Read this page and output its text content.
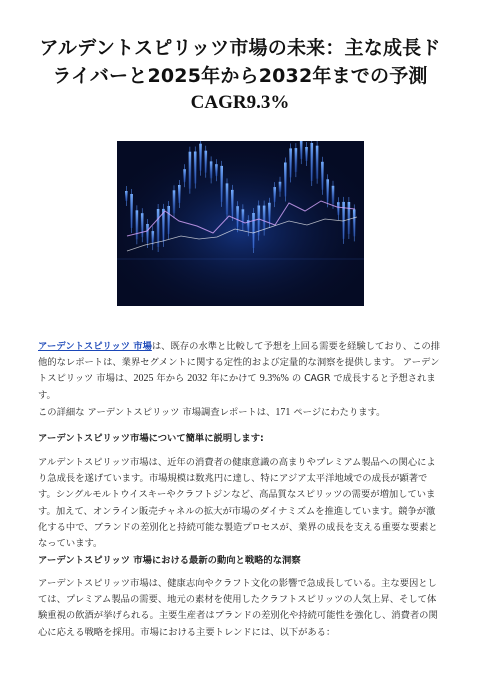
アルデントスピリッツ市場の未来：主な成長ド
ライバーと2025年から2032年までの予測
CAGR9.3%
アーデントスピリッツ 市場は、既存の水準と比較して予想を上回る需要を経験しており、この排他的なレポートは、業界セグメントに関する定性的および定量的な洞察を提供します。 アーデントスピリッツ 市場は、2025 年から 2032 年にかけて 9.3%% の CAGR で成長すると予想されます。
この詳細な アーデントスピリッツ 市場調査レポートは、171 ページにわたります。
アーデントスピリッツ市場について簡単に説明します:
アルデントスピリッツ市場は、近年の消費者の健康意識の高まりやプレミアム製品への関心により急成長を遂げています。市場規模は数兆円に達し、特にアジア太平洋地域での成長が顕著です。シングルモルトウイスキーやクラフトジンなど、高品質なスピリッツの需要が増加しています。加えて、オンライン販売チャネルの拡大が市場のダイナミズムを推進しています。競争が激化する中で、ブランドの差別化と持続可能な製造プロセスが、業界の成長を支える重要な要素となっています。
アーデントスピリッツ 市場における最新の動向と戦略的な洞察
アーデントスピリッツ市場は、健康志向やクラフト文化の影響で急成長している。主な要因としては、プレミアム製品の需要、地元の素材を使用したクラフトスピリッツの人気上昇、そして体験重視の飲酒が挙げられる。主要生産者はブランドの差別化や持続可能性を強化し、消費者の関心に応える戦略を採用。市場における主要トレンドには、以下がある：
